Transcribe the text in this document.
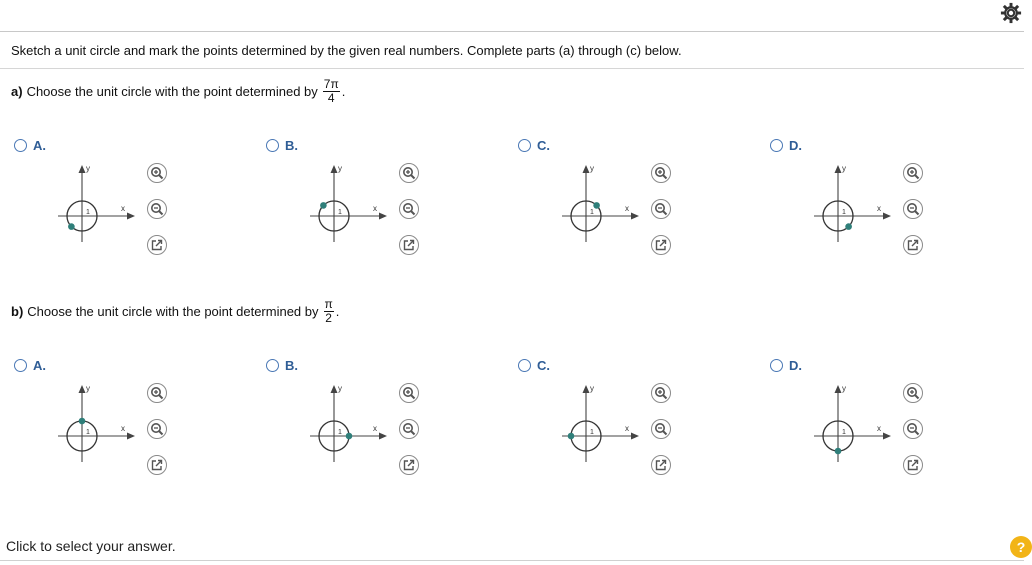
Sketch a unit circle and mark the points determined by the given real numbers. Complete parts (a) through (c) below.
a) Choose the unit circle with the point determined by $\frac{7\pi}{4}$ .
b) Choose the unit circle with the point determined by $\frac{\pi}{2}$ .
A.
y
x
1
B.
y
x
1
C.
y
x
1
D.
y
x
1
A.
y
x
1
B.
y
x
1
C.
y
x
1
D.
y
x
1
Click to select your answer.	?
